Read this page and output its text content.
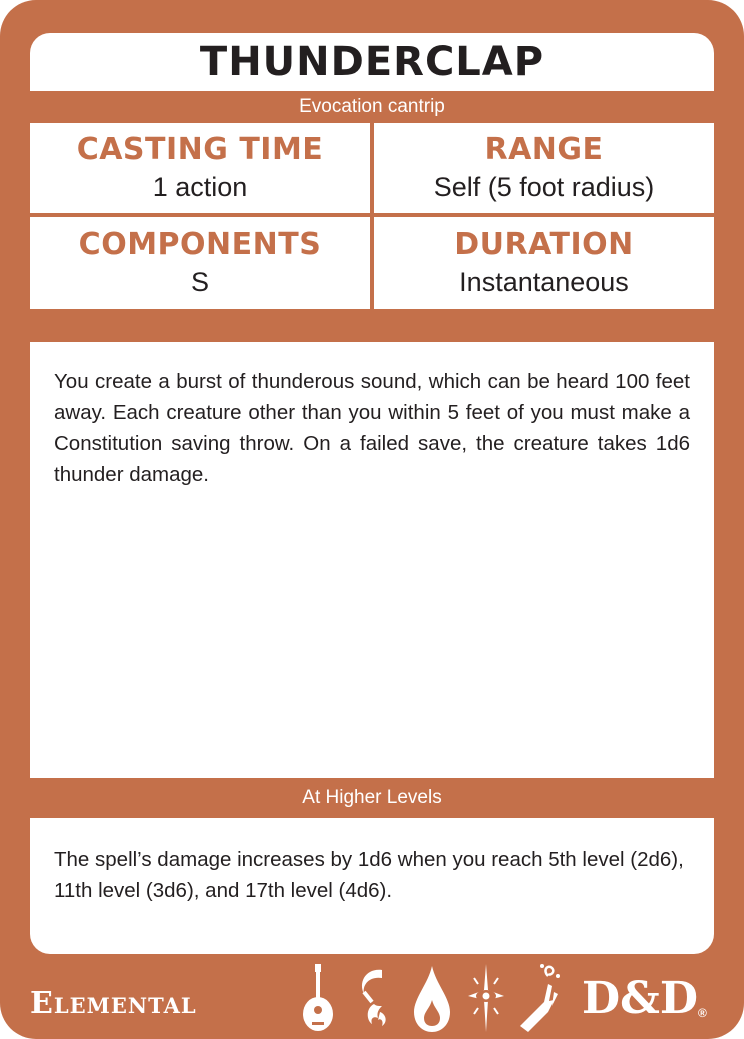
THUNDERCLAP
Evocation cantrip
CASTING TIME
1 action
RANGE
Self (5 foot radius)
COMPONENTS
S
DURATION
Instantaneous

You create a burst of thunderous sound, which can be heard 100 feet away. Each creature other than you within 5 feet of you must make a Constitution saving throw. On a failed save, the creature takes 1d6 thunder damage.

At Higher Levels

The spell’s damage increases by 1d6 when you reach 5th level (2d6), 11th level (3d6), and 17th level (4d6).

Elemental	D&D ®
